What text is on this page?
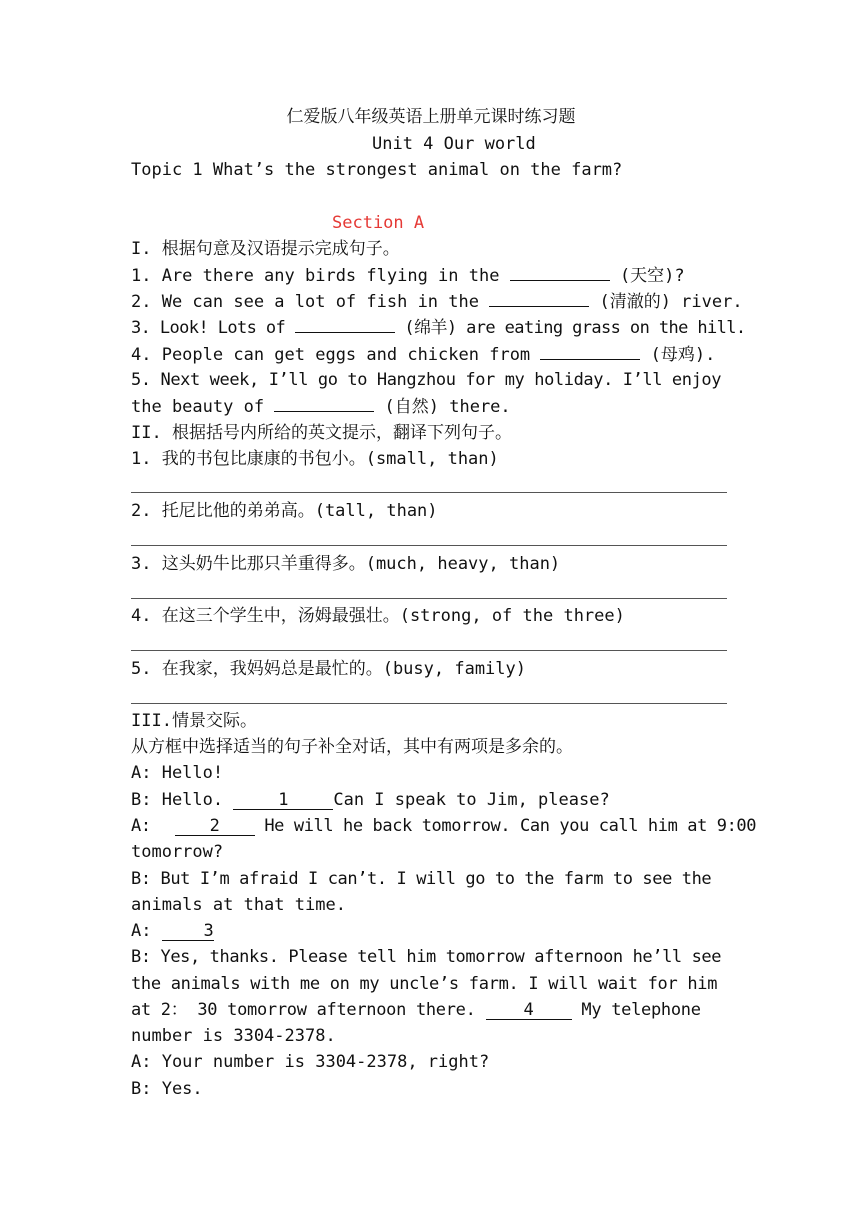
仁爱版八年级英语上册单元课时练习题
Unit 4 Our world
Topic 1 What’s the strongest animal on the farm?
Section A
I. 根据句意及汉语提示完成句子。
1. Are there any birds flying in the	(天空)?
2. We can see a lot of fish in the	(清澈的) river.
3. Look! Lots of	(绵羊) are eating grass on the hill.
4. People can get eggs and chicken from	(母鸡).
5. Next week, I’ll go to Hangzhou for my holiday. I’ll enjoy
the beauty of	(自然) there.
II. 根据括号内所给的英文提示，翻译下列句子。
1. 我的书包比康康的书包小。(small, than)
2. 托尼比他的弟弟高。(tall, than)
3. 这头奶牛比那只羊重得多。(much, heavy, than)
4. 在这三个学生中，汤姆最强壮。(strong, of the three)
5. 在我家，我妈妈总是最忙的。(busy, family)
III.情景交际。
从方框中选择适当的句子补全对话，其中有两项是多余的。
A: Hello!
B: Hello.	1	Can I speak to Jim, please?
A:	2 He will he back tomorrow. Can you call him at 9:00
tomorrow?
B: But I’m afraid I can’t. I will go to the farm to see the
animals at that time.
A: 3
B: Yes, thanks. Please tell him tomorrow afternoon he’ll see
the animals with me on my uncle’s farm. I will wait for him
at 2： 30 tomorrow afternoon there. 4 My telephone
number is 3304-2378.
A: Your number is 3304-2378, right?
B: Yes.
